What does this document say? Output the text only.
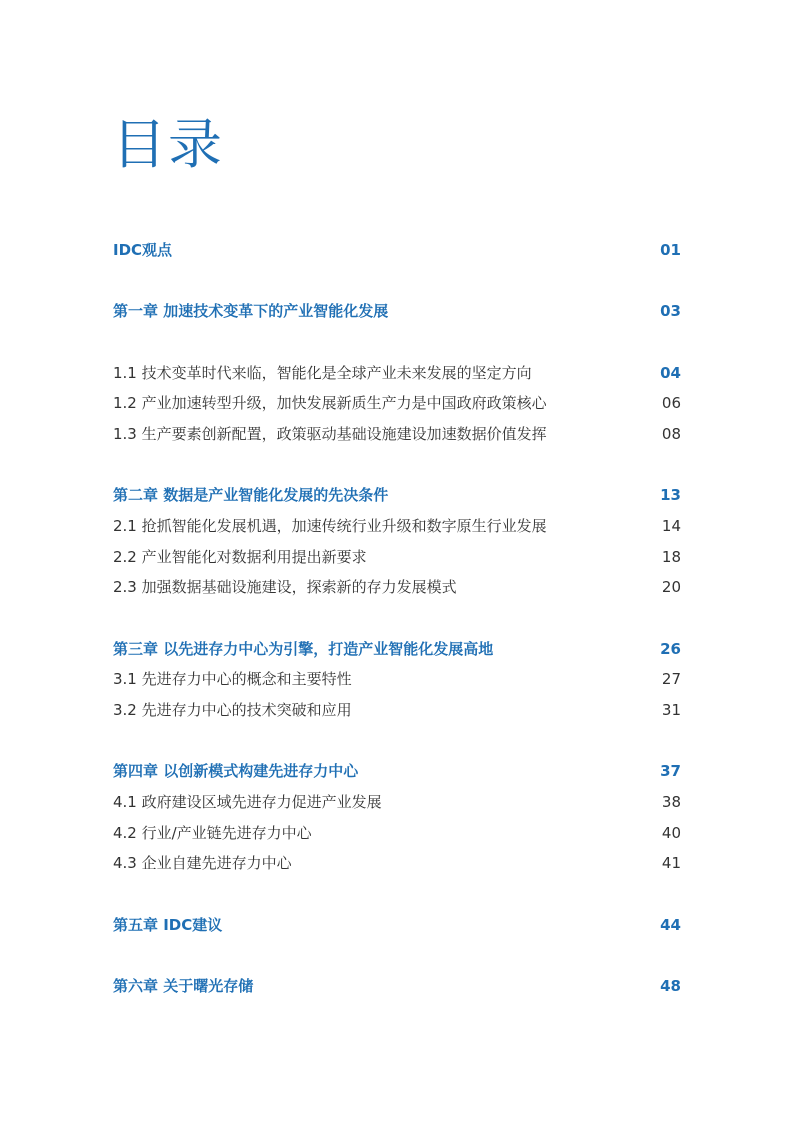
目录
IDC观点	01
第一章 加速技术变革下的产业智能化发展	03
1.1 技术变革时代来临，智能化是全球产业未来发展的坚定方向	04
1.2 产业加速转型升级，加快发展新质生产力是中国政府政策核心	06
1.3 生产要素创新配置，政策驱动基础设施建设加速数据价值发挥	08
第二章 数据是产业智能化发展的先决条件	13
2.1 抢抓智能化发展机遇，加速传统行业升级和数字原生行业发展	14
2.2 产业智能化对数据利用提出新要求	18
2.3 加强数据基础设施建设，探索新的存力发展模式	20
第三章 以先进存力中心为引擎，打造产业智能化发展高地	26
3.1 先进存力中心的概念和主要特性	27
3.2 先进存力中心的技术突破和应用	31
第四章 以创新模式构建先进存力中心	37
4.1 政府建设区域先进存力促进产业发展	38
4.2 行业/产业链先进存力中心	40
4.3 企业自建先进存力中心	41
第五章 IDC建议	44
第六章 关于曙光存储	48
